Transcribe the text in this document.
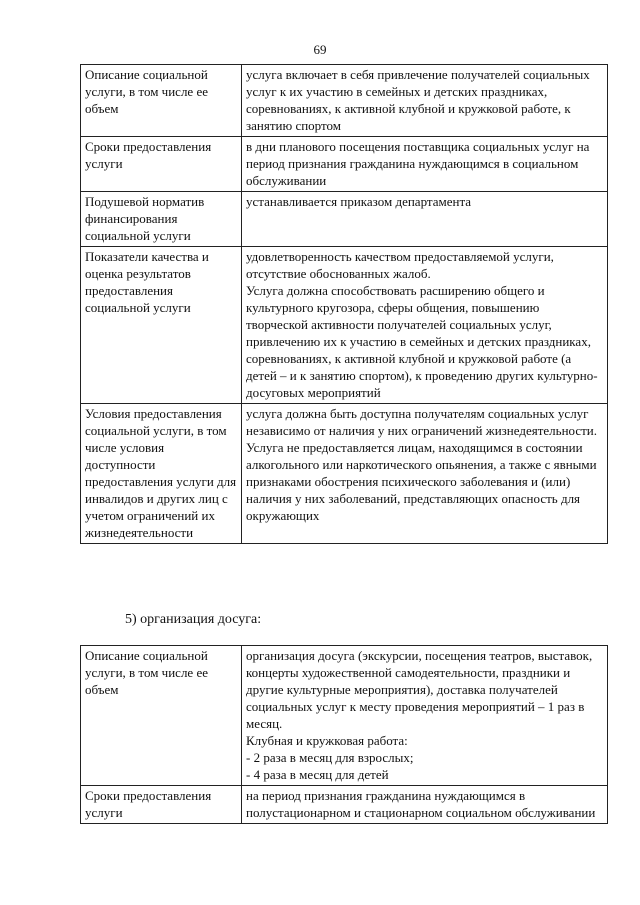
69
Описание социальной услуги, в том числе ее объем	услуга включает в себя привлечение получателей социальных услуг к их участию в семейных и детских праздниках, соревнованиях, к активной клубной и кружковой работе, к занятию спортом

Сроки предоставления услуги	в дни планового посещения поставщика социальных услуг на период признания гражданина нуждающимся в социальном обслуживании

Подушевой норматив финансирования социальной услуги	устанавливается приказом департамента

Показатели качества и оценка результатов предоставления социальной услуги	удовлетворенность качеством предоставляемой услуги, отсутствие обоснованных жалоб.
Услуга должна способствовать расширению общего и культурного кругозора, сферы общения, повышению творческой активности получателей социальных услуг, привлечению их к участию в семейных и детских праздниках, соревнованиях, к активной клубной и кружковой работе (а детей – и к занятию спортом), к проведению других культурно-досуговых мероприятий

Условия предоставления социальной услуги, в том числе условия доступности предоставления услуги для инвалидов и других лиц с учетом ограничений их жизнедеятельности	услуга должна быть доступна получателям социальных услуг независимо от наличия у них ограничений жизнедеятельности.
Услуга не предоставляется лицам, находящимся в состоянии алкогольного или наркотического опьянения, а также с явными признаками обострения психического заболевания и (или) наличия у них заболеваний, представляющих опасность для окружающих
5) организация досуга:
Описание социальной услуги, в том числе ее объем	организация досуга (экскурсии, посещения театров, выставок, концерты художественной самодеятельности, праздники и другие культурные мероприятия), доставка получателей социальных услуг к месту проведения мероприятий – 1 раз в месяц.
Клубная и кружковая работа:
- 2 раза в месяц для взрослых;
- 4 раза в месяц для детей

Сроки предоставления услуги	на период признания гражданина нуждающимся в полустационарном и стационарном социальном обслуживании
